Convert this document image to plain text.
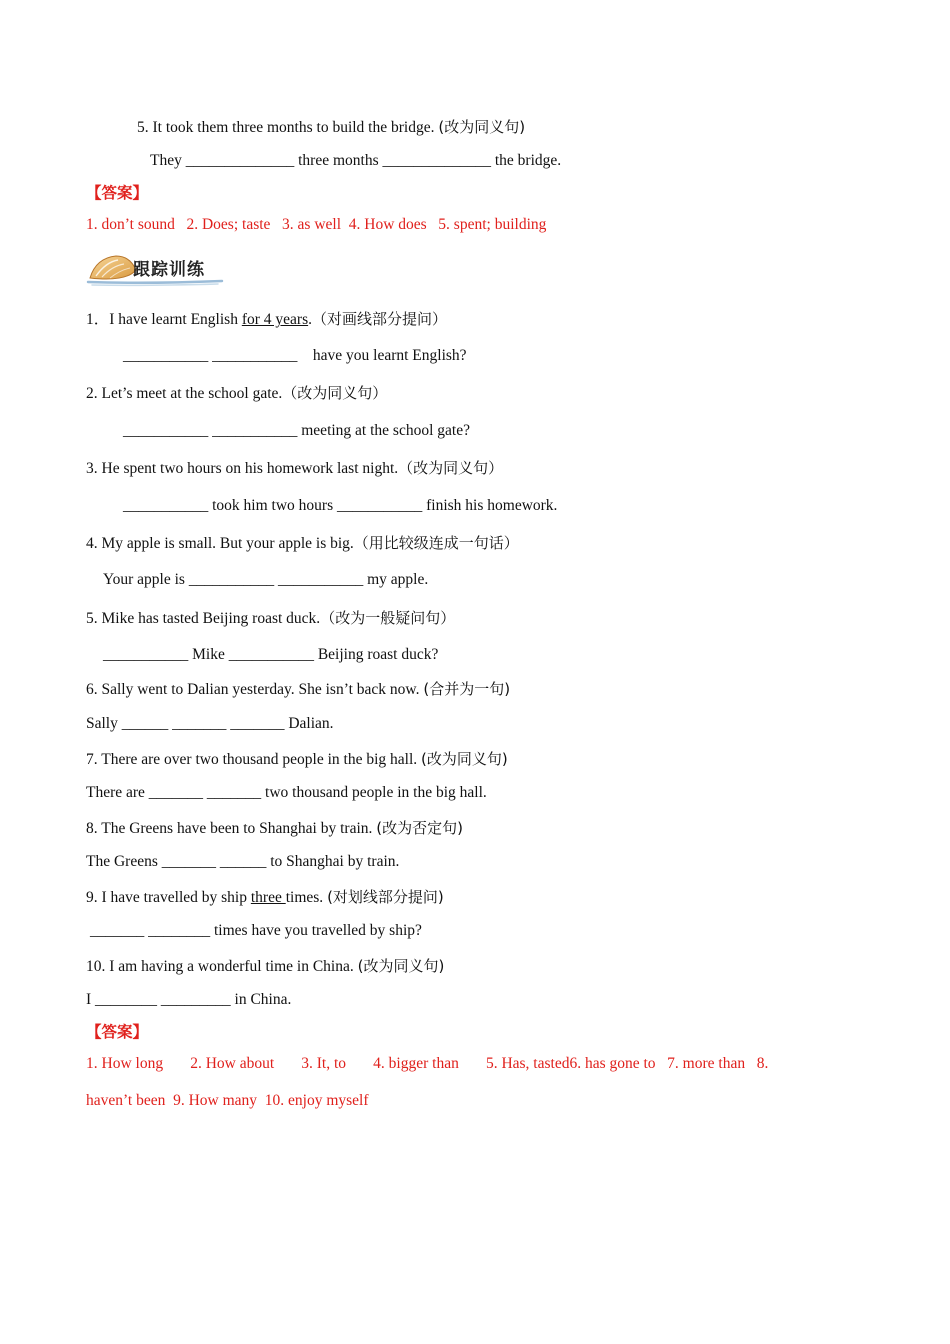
5. It took them three months to build the bridge. (改为同义句)
They ______________ three months ______________ the bridge.
【答案】
1. don’t sound   2. Does; taste   3. as well  4. How does   5. spent; building
跟踪训练
1．I have learnt English for 4 years.（对画线部分提问）
___________ ___________    have you learnt English?
2. Let’s meet at the school gate.（改为同义句）
___________ ___________ meeting at the school gate?
3. He spent two hours on his homework last night.（改为同义句）
___________ took him two hours ___________ finish his homework.
4. My apple is small. But your apple is big.（用比较级连成一句话）
Your apple is ___________ ___________ my apple.
5. Mike has tasted Beijing roast duck.（改为一般疑问句）
___________ Mike ___________ Beijing roast duck?
6. Sally went to Dalian yesterday. She isn’t back now. (合并为一句)
Sally ______ _______ _______ Dalian.
7. There are over two thousand people in the big hall. (改为同义句)
There are _______ _______ two thousand people in the big hall.
8. The Greens have been to Shanghai by train. (改为否定句)
The Greens _______ ______ to Shanghai by train.
9. I have travelled by ship three times. (对划线部分提问)
_______ ________ times have you travelled by ship?
10. I am having a wonderful time in China. (改为同义句)
I ________ _________ in China.
【答案】
1. How long       2. How about       3. It, to       4. bigger than       5. Has, tasted6. has gone to   7. more than   8.
haven’t been  9. How many  10. enjoy myself
